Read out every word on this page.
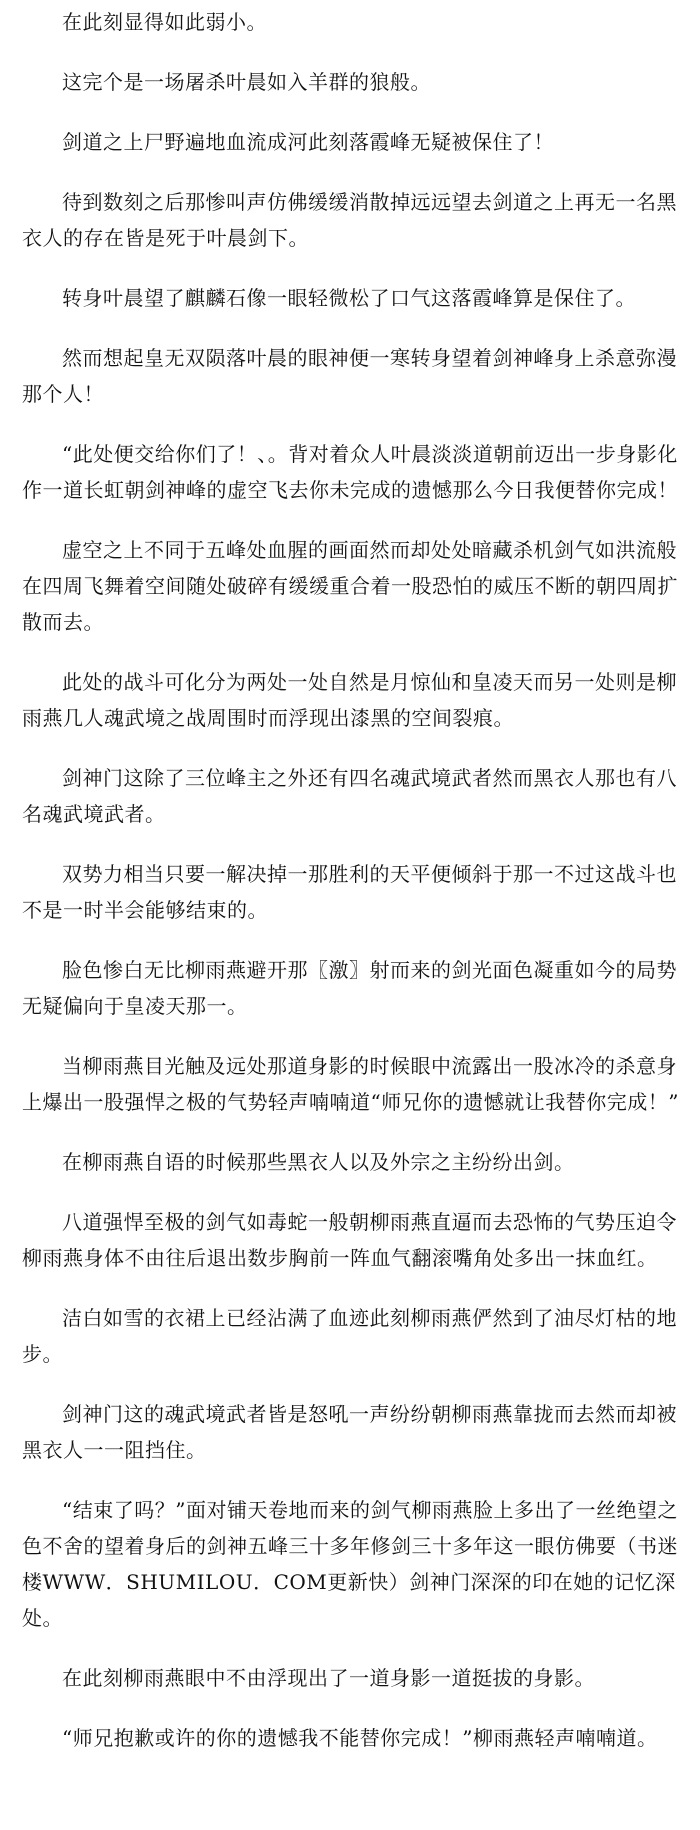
在此刻显得如此弱小。

这完个是一场屠杀叶晨如入羊群的狼般。

剑道之上尸野遍地血流成河此刻落霞峰无疑被保住了！

待到数刻之后那惨叫声仿佛缓缓消散掉远远望去剑道之上再无一名黑衣人的存在皆是死于叶晨剑下。

转身叶晨望了麒麟石像一眼轻微松了口气这落霞峰算是保住了。

然而想起皇无双陨落叶晨的眼神便一寒转身望着剑神峰身上杀意弥漫那个人！

“此处便交给你们了！、。背对着众人叶晨淡淡道朝前迈出一步身影化作一道长虹朝剑神峰的虚空飞去你未完成的遗憾那么今日我便替你完成！

虚空之上不同于五峰处血腥的画面然而却处处暗藏杀机剑气如洪流般在四周飞舞着空间随处破碎有缓缓重合着一股恐怕的威压不断的朝四周扩散而去。

此处的战斗可化分为两处一处自然是月惊仙和皇凌天而另一处则是柳雨燕几人魂武境之战周围时而浮现出漆黑的空间裂痕。

剑神门这除了三位峰主之外还有四名魂武境武者然而黑衣人那也有八名魂武境武者。

双势力相当只要一解决掉一那胜利的天平便倾斜于那一不过这战斗也不是一时半会能够结束的。

脸色惨白无比柳雨燕避开那〖激〗射而来的剑光面色凝重如今的局势无疑偏向于皇凌天那一。

当柳雨燕目光触及远处那道身影的时候眼中流露出一股冰冷的杀意身上爆出一股强悍之极的气势轻声喃喃道“师兄你的遗憾就让我替你完成！”

在柳雨燕自语的时候那些黑衣人以及外宗之主纷纷出剑。

八道强悍至极的剑气如毒蛇一般朝柳雨燕直逼而去恐怖的气势压迫令柳雨燕身体不由往后退出数步胸前一阵血气翻滚嘴角处多出一抹血红。

洁白如雪的衣裙上已经沾满了血迹此刻柳雨燕俨然到了油尽灯枯的地步。

剑神门这的魂武境武者皆是怒吼一声纷纷朝柳雨燕靠拢而去然而却被黑衣人一一阻挡住。

“结束了吗？”面对铺天卷地而来的剑气柳雨燕脸上多出了一丝绝望之色不舍的望着身后的剑神五峰三十多年修剑三十多年这一眼仿佛要（书迷楼WWW．SHUMILOU．COM更新快）剑神门深深的印在她的记忆深处。

在此刻柳雨燕眼中不由浮现出了一道身影一道挺拔的身影。

“师兄抱歉或许的你的遗憾我不能替你完成！”柳雨燕轻声喃喃道。
